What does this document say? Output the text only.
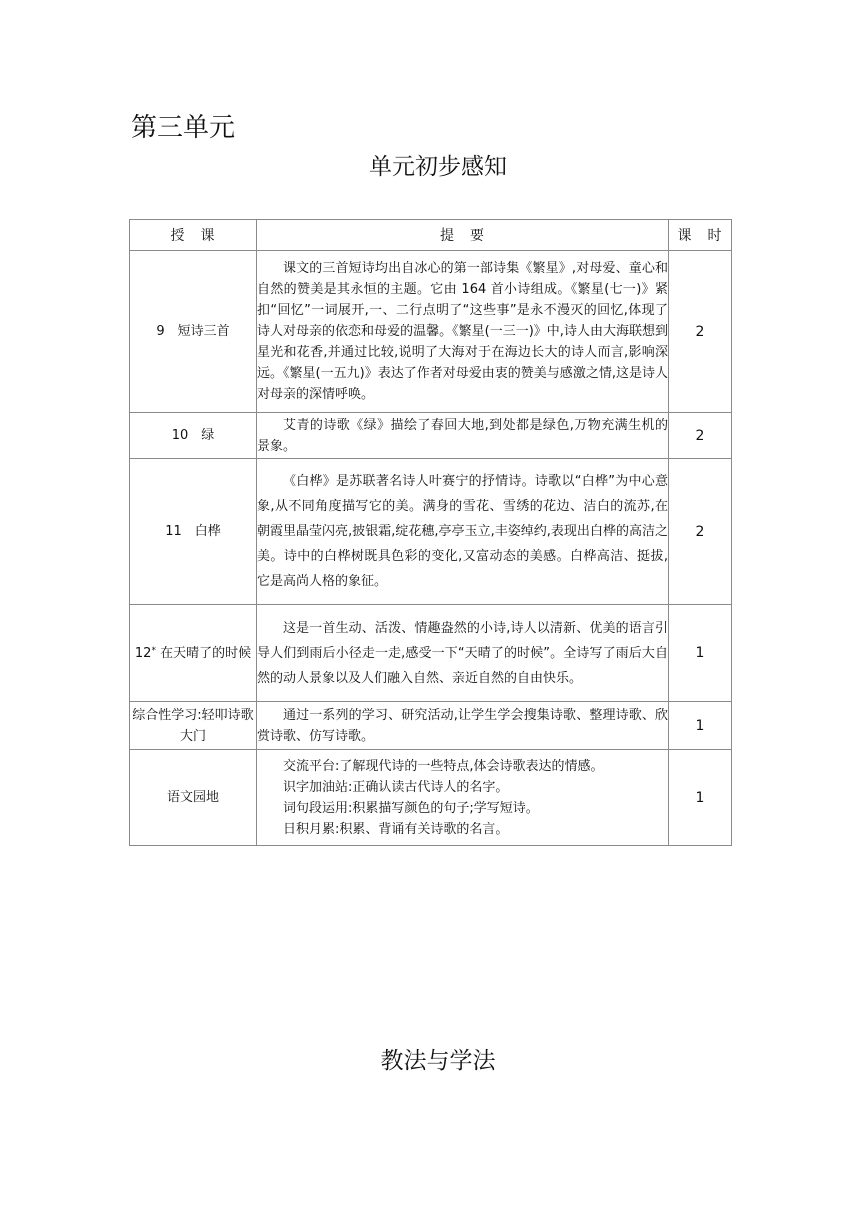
第三单元
单元初步感知
授　课	提　要	课　时
9　短诗三首	课文的三首短诗均出自冰心的第一部诗集《繁星》,对母爱、童心和自然的赞美是其永恒的主题。它由 164 首小诗组成。《繁星(七一)》紧扣“回忆”一词展开,一、二行点明了“这些事”是永不漫灭的回忆,体现了诗人对母亲的依恋和母爱的温馨。《繁星(一三一)》中,诗人由大海联想到星光和花香,并通过比较,说明了大海对于在海边长大的诗人而言,影响深远。《繁星(一五九)》表达了作者对母爱由衷的赞美与感激之情,这是诗人对母亲的深情呼唤。	2
10　绿	艾青的诗歌《绿》描绘了春回大地,到处都是绿色,万物充满生机的景象。	2
11　白桦	《白桦》是苏联著名诗人叶赛宁的抒情诗。诗歌以“白桦”为中心意象,从不同角度描写它的美。满身的雪花、雪绣的花边、洁白的流苏,在朝霞里晶莹闪亮,披银霜,绽花穗,亭亭玉立,丰姿绰约,表现出白桦的高洁之美。诗中的白桦树既具色彩的变化,又富动态的美感。白桦高洁、挺拔,它是高尚人格的象征。	2
12* 在天晴了的时候	这是一首生动、活泼、情趣盎然的小诗,诗人以清新、优美的语言引导人们到雨后小径走一走,感受一下“天晴了的时候”。全诗写了雨后大自然的动人景象以及人们融入自然、亲近自然的自由快乐。	1
综合性学习:轻叩诗歌大门	通过一系列的学习、研究活动,让学生学会搜集诗歌、整理诗歌、欣赏诗歌、仿写诗歌。	1
语文园地	交流平台:了解现代诗的一些特点,体会诗歌表达的情感。

识字加油站:正确认读古代诗人的名字。

词句段运用:积累描写颜色的句子;学写短诗。

日积月累:积累、背诵有关诗歌的名言。	1
教法与学法
